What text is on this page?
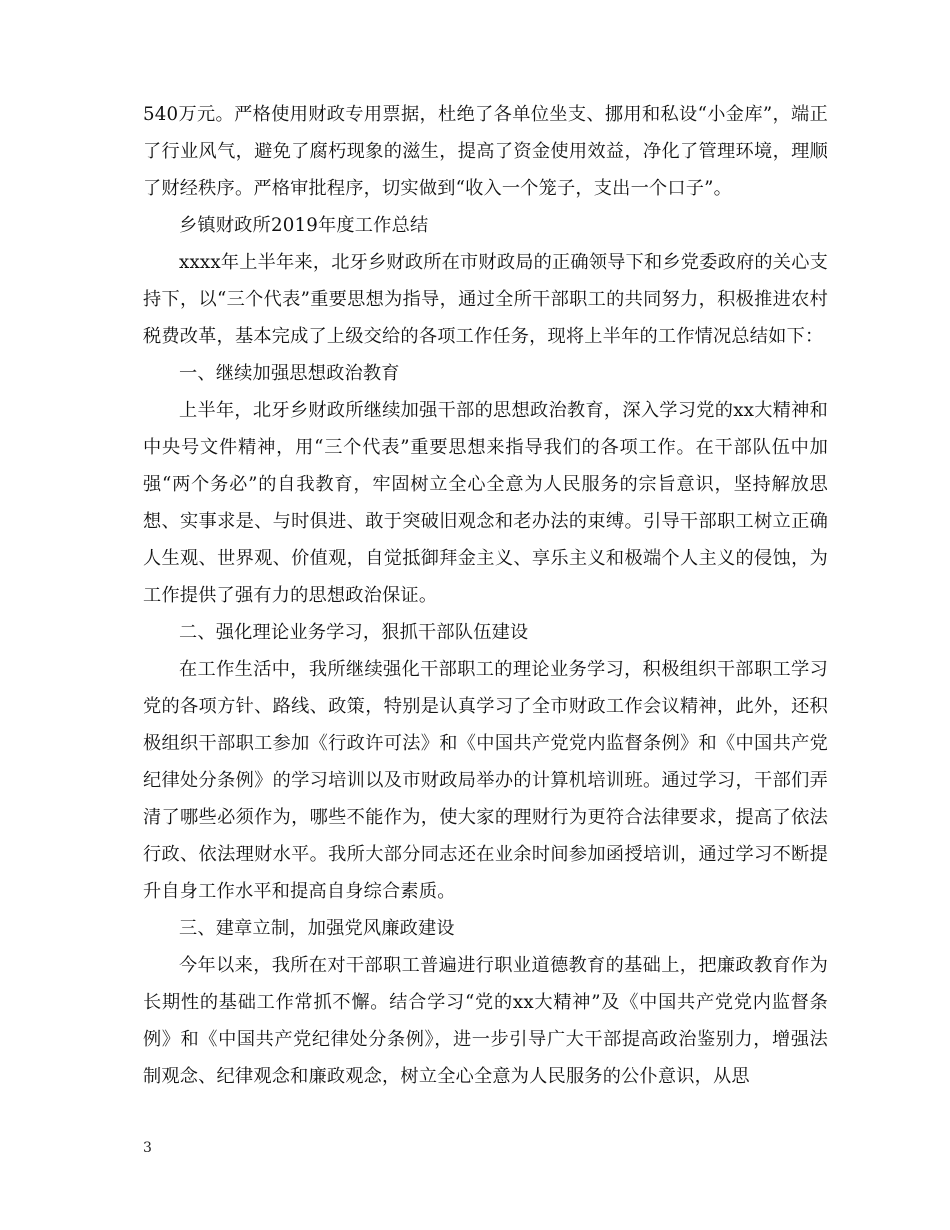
540万元。严格使用财政专用票据，杜绝了各单位坐支、挪用和私设“小金库”，端正了行业风气，避免了腐朽现象的滋生，提高了资金使用效益，净化了管理环境，理顺了财经秩序。严格审批程序，切实做到“收入一个笼子，支出一个口子”。

乡镇财政所2019年度工作总结

xxxx年上半年来，北牙乡财政所在市财政局的正确领导下和乡党委政府的关心支持下，以“三个代表”重要思想为指导，通过全所干部职工的共同努力，积极推进农村税费改革，基本完成了上级交给的各项工作任务，现将上半年的工作情况总结如下：

一、继续加强思想政治教育

上半年，北牙乡财政所继续加强干部的思想政治教育，深入学习党的xx大精神和中央号文件精神，用“三个代表”重要思想来指导我们的各项工作。在干部队伍中加强“两个务必”的自我教育，牢固树立全心全意为人民服务的宗旨意识，坚持解放思想、实事求是、与时俱进、敢于突破旧观念和老办法的束缚。引导干部职工树立正确人生观、世界观、价值观，自觉抵御拜金主义、享乐主义和极端个人主义的侵蚀，为工作提供了强有力的思想政治保证。

二、强化理论业务学习，狠抓干部队伍建设

在工作生活中，我所继续强化干部职工的理论业务学习，积极组织干部职工学习党的各项方针、路线、政策，特别是认真学习了全市财政工作会议精神，此外，还积极组织干部职工参加《行政许可法》和《中国共产党党内监督条例》和《中国共产党纪律处分条例》的学习培训以及市财政局举办的计算机培训班。通过学习，干部们弄清了哪些必须作为，哪些不能作为，使大家的理财行为更符合法律要求，提高了依法行政、依法理财水平。我所大部分同志还在业余时间参加函授培训，通过学习不断提升自身工作水平和提高自身综合素质。

三、建章立制，加强党风廉政建设

今年以来，我所在对干部职工普遍进行职业道德教育的基础上，把廉政教育作为长期性的基础工作常抓不懈。结合学习“党的xx大精神”及《中国共产党党内监督条例》和《中国共产党纪律处分条例》，进一步引导广大干部提高政治鉴别力，增强法制观念、纪律观念和廉政观念，树立全心全意为人民服务的公仆意识，从思

3
